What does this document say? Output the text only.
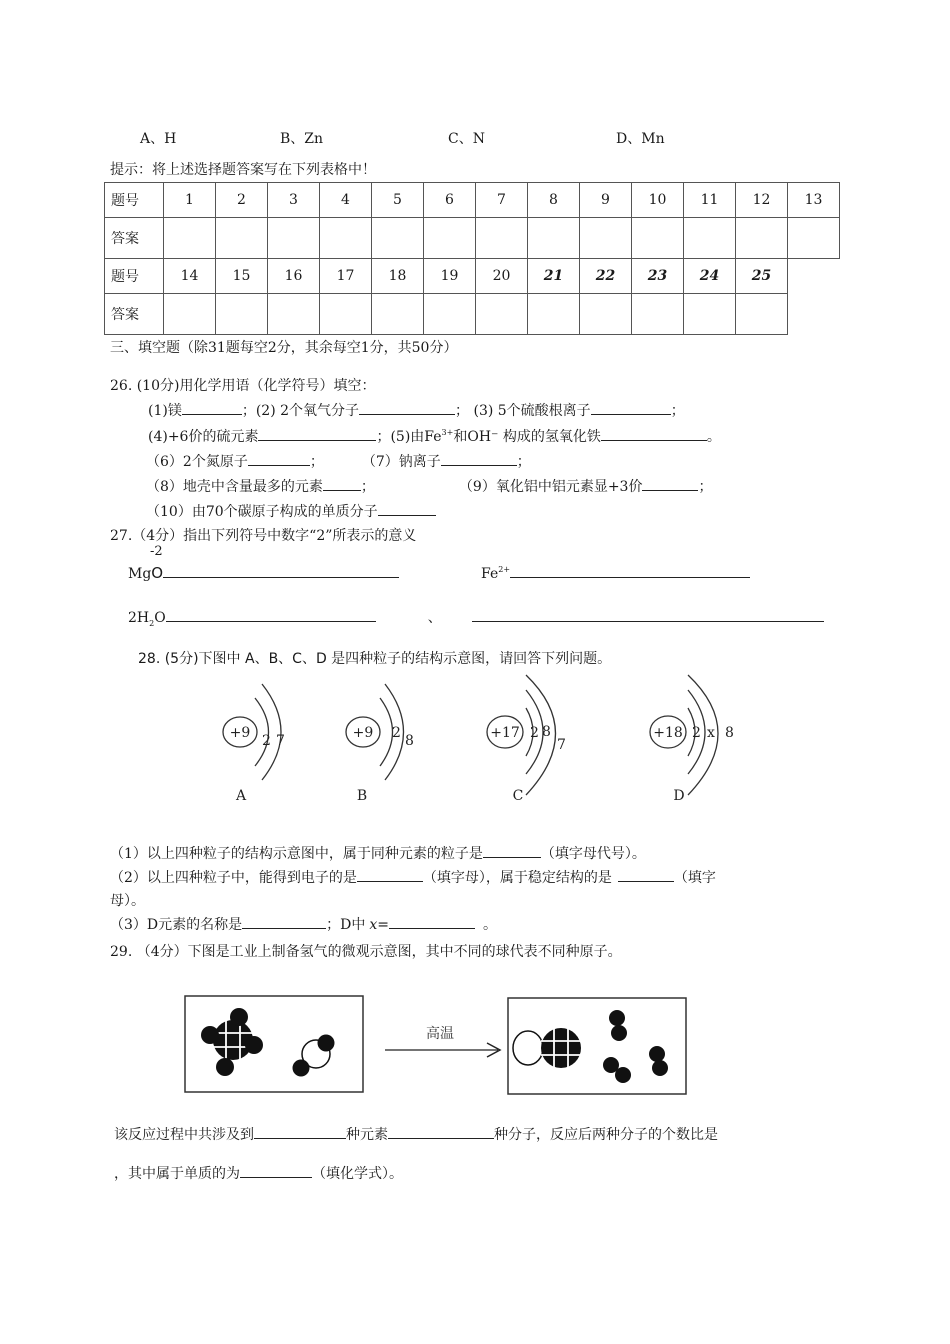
A、H	B、Zn	C、N	D、Mn
提示：将上述选择题答案写在下列表格中！
题号	1	2	3	4	5	6	7	8	9	10	11	12	13
答案													
题号	14	15	16	17	18	19	20	21	22	23	24	25	
答案													
三、填空题（除31题每空2分，其余每空1分，共50分）
26. (10分)用化学用语（化学符号）填空：
(1)镁	；(2) 2个氧气分子	； (3) 5个硫酸根离子	；
(4)+6价的硫元素	；(5)由$Fe^{3+}$和OH⁻ 构成的氢氧化铁	。
（6）2个氮原子	；	（7）钠离子	；
（8）地壳中含量最多的元素	；	（9）氧化铝中铝元素显+3价	；
（10）由70个碳原子构成的单质分子
27.（4分）指出下列符号中数字“2”所表示的意义
-2
MgO	$Fe^{2+}$
$2H_2O$	、
28. (5分)下图中 A、B、C、D 是四种粒子的结构示意图，请回答下列问题。
+9 2 7
A
+9 2 8
B
+17 2 8
7
C
+18 2 x 8
D
（1）以上四种粒子的结构示意图中，属于同种元素的粒子是	（填字母代号）。
（2）以上四种粒子中，能得到电子的是	（填字母），属于稳定结构的是	（填字
母）。
（3）D元素的名称是	；D中 x=	。
29. （4分）下图是工业上制备氢气的微观示意图，其中不同的球代表不同种原子。
高温
该反应过程中共涉及到	种元素	种分子，反应后两种分子的个数比是
，其中属于单质的为	（填化学式）。
